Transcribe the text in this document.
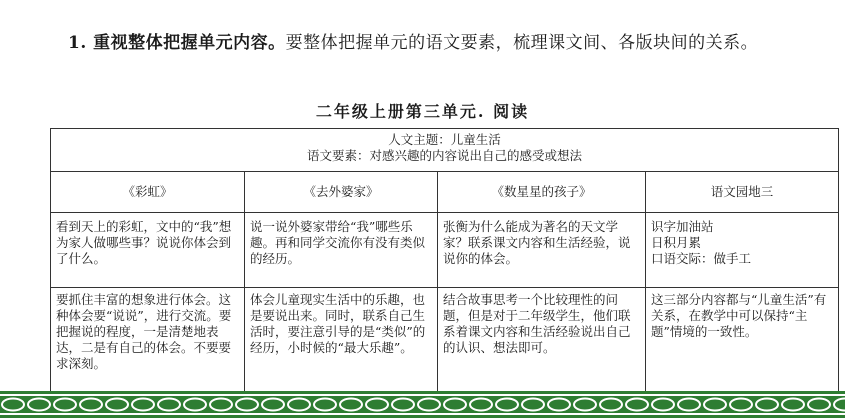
1. 重视整体把握单元内容。要整体把握单元的语文要素，梳理课文间、各版块间的关系。
二年级上册第三单元. 阅读
人文主题：儿童生活
语文要素：对感兴趣的内容说出自己的感受或想法			

《彩虹》	《去外婆家》	《数星星的孩子》	语文园地三
看到天上的彩虹，文中的“我”想为家人做哪些事？说说你体会到了什么。	说一说外婆家带给“我”哪些乐趣。再和同学交流你有没有类似的经历。	张衡为什么能成为著名的天文学家？联系课文内容和生活经验，说说你的体会。	识字加油站
日积月累
口语交际：做手工

要抓住丰富的想象进行体会。这种体会要“说说”，进行交流。要把握说的程度，一是清楚地表达，二是有自己的体会。不要要求深刻。	体会儿童现实生活中的乐趣，也是要说出来。同时，联系自己生活时，要注意引导的是“类似”的经历，小时候的“最大乐趣”。	结合故事思考一个比较理性的问题，但是对于二年级学生，他们联系着课文内容和生活经验说出自己的认识、想法即可。	这三部分内容都与“儿童生活”有关系，在教学中可以保持“主题”情境的一致性。
